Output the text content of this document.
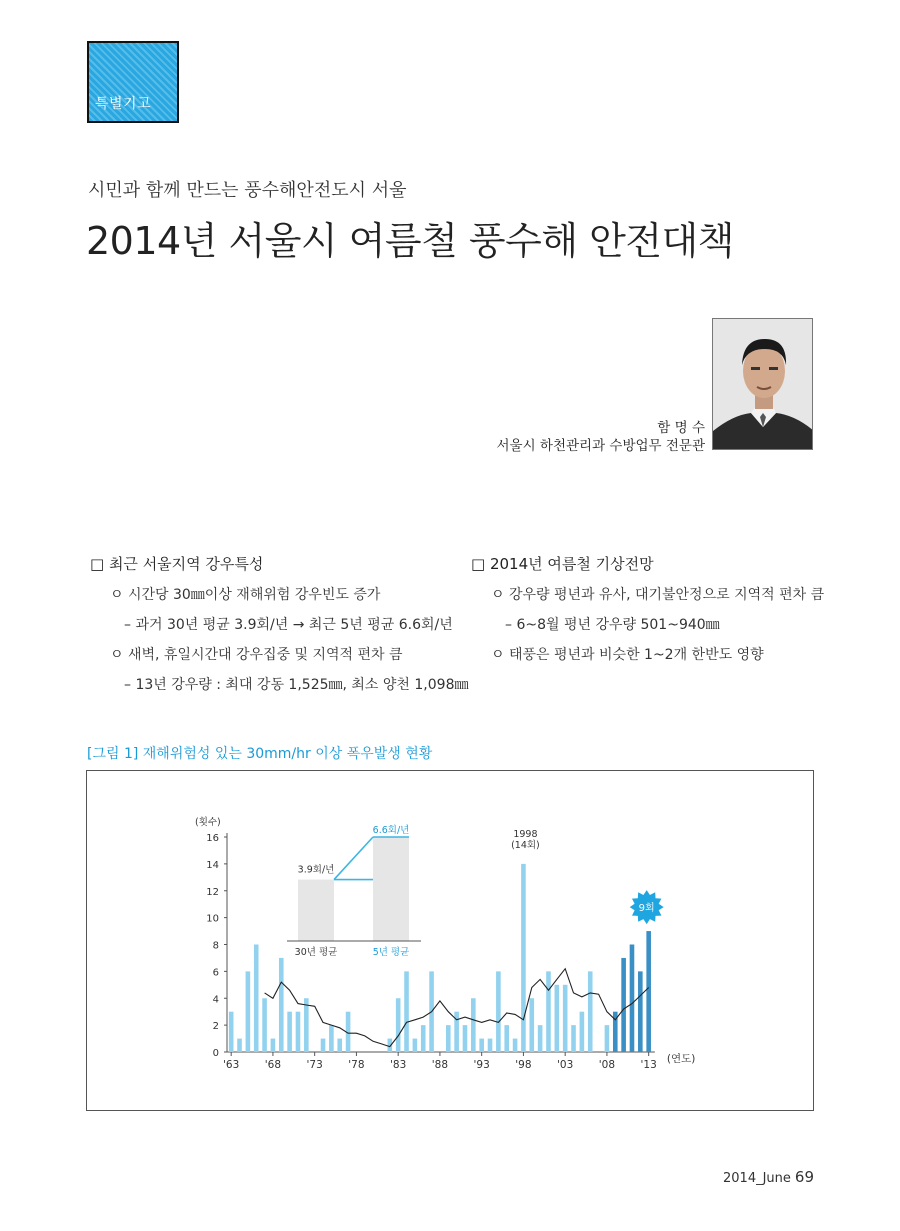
특별기고
시민과 함께 만드는 풍수해안전도시 서울
2014년 서울시 여름철 풍수해 안전대책
함 명 수
서울시 하천관리과 수방업무 전문관
□ 최근 서울지역 강우특성
ㅇ 시간당 30㎜이상 재해위험 강우빈도 증가
– 과거 30년 평균 3.9회/년 → 최근 5년 평균 6.6회/년
ㅇ 새벽, 휴일시간대 강우집중 및 지역적 편차 큼
– 13년 강우량 : 최대 강동 1,525㎜, 최소 양천 1,098㎜
□ 2014년 여름철 기상전망
ㅇ 강우량 평년과 유사, 대기불안정으로 지역적 편차 큼
– 6~8월 평년 강우량 501~940㎜
ㅇ 태풍은 평년과 비슷한 1~2개 한반도 영향
[그림 1] 재해위험성 있는 30mm/hr 이상 폭우발생 현황
0
2
4
6
8
10
12
14
16
(횟수)
'63 '68 '73 '78 '83 '88 '93 '98 '03 '08 '13 (연도)
1998
(14회)
9회
3.9회/년
6.6회/년
30년 평균	5년 평균
2014_June 69
